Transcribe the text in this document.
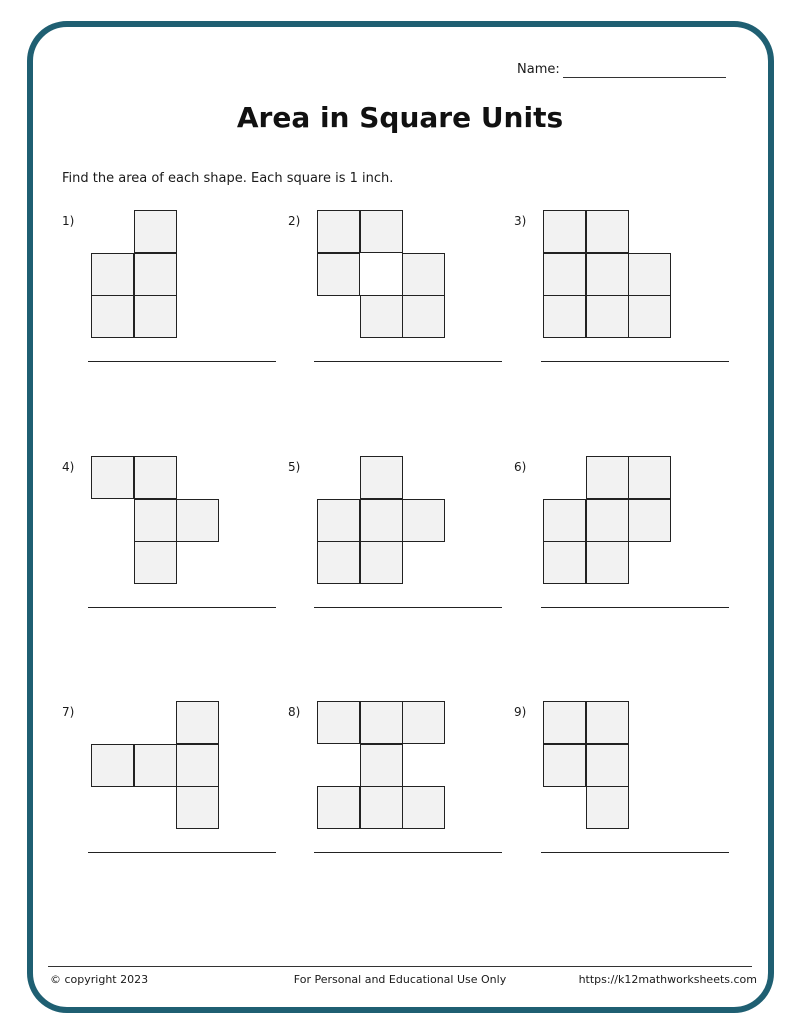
Name:
Area in Square Units
Find the area of each shape. Each square is 1 inch.
1)	2)	3)
4)	5)	6)
7)	8)	9)
© copyright 2023	For Personal and Educational Use Only	https://k12mathworksheets.com
